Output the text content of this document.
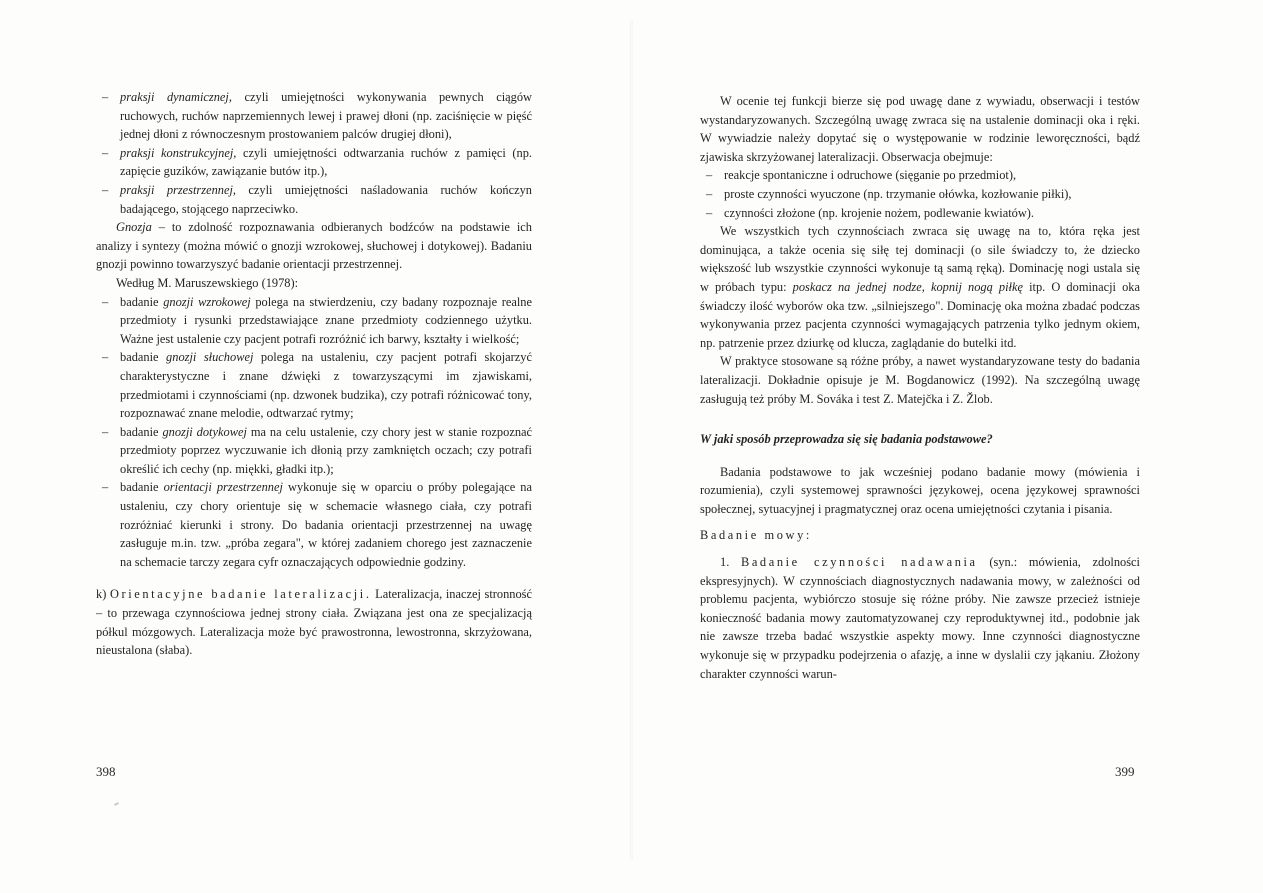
– praksji dynamicznej, czyli umiejętności wykonywania pewnych ciągów ruchowych, ruchów naprzemiennych lewej i prawej dłoni (np. zaciśnięcie w pięść jednej dłoni z równoczesnym prostowaniem palców drugiej dłoni),

– praksji konstrukcyjnej, czyli umiejętności odtwarzania ruchów z pamięci (np. zapięcie guzików, zawiązanie butów itp.),

– praksji przestrzennej, czyli umiejętności naśladowania ruchów kończyn badającego, stojącego naprzeciwko.

Gnozja – to zdolność rozpoznawania odbieranych bodźców na podstawie ich analizy i syntezy (można mówić o gnozji wzrokowej, słuchowej i dotykowej). Badaniu gnozji powinno towarzyszyć badanie orientacji przestrzennej.

Według M. Maruszewskiego (1978):

– badanie gnozji wzrokowej polega na stwierdzeniu, czy badany rozpoznaje realne przedmioty i rysunki przedstawiające znane przedmioty codziennego użytku. Ważne jest ustalenie czy pacjent potrafi rozróżnić ich barwy, kształty i wielkość;

– badanie gnozji słuchowej polega na ustaleniu, czy pacjent potrafi skojarzyć charakterystyczne i znane dźwięki z towarzyszącymi im zjawiskami, przedmiotami i czynnościami (np. dzwonek budzika), czy potrafi różnicować tony, rozpoznawać znane melodie, odtwarzać rytmy;

– badanie gnozji dotykowej ma na celu ustalenie, czy chory jest w stanie rozpoznać przedmioty poprzez wyczuwanie ich dłonią przy zamkniętch oczach; czy potrafi określić ich cechy (np. miękki, gładki itp.);

– badanie orientacji przestrzennej wykonuje się w oparciu o próby polegające na ustaleniu, czy chory orientuje się w schemacie własnego ciała, czy potrafi rozróżniać kierunki i strony. Do badania orientacji przestrzennej na uwagę zasługuje m.in. tzw. „próba zegara", w której zadaniem chorego jest zaznaczenie na schemacie tarczy zegara cyfr oznaczających odpowiednie godziny.

k) Orientacyjne badanie lateralizacji. Lateralizacja, inaczej stronność – to przewaga czynnościowa jednej strony ciała. Związana jest ona ze specjalizacją półkul mózgowych. Lateralizacja może być prawostronna, lewostronna, skrzyżowana, nieustalona (słaba).

398

W ocenie tej funkcji bierze się pod uwagę dane z wywiadu, obserwacji i testów wystandaryzowanych. Szczególną uwagę zwraca się na ustalenie dominacji oka i ręki. W wywiadzie należy dopytać się o występowanie w rodzinie leworęczności, bądź zjawiska skrzyżowanej lateralizacji. Obserwacja obejmuje:

– reakcje spontaniczne i odruchowe (sięganie po przedmiot),

– proste czynności wyuczone (np. trzymanie ołówka, kozłowanie piłki),

– czynności złożone (np. krojenie nożem, podlewanie kwiatów).

We wszystkich tych czynnościach zwraca się uwagę na to, która ręka jest dominująca, a także ocenia się siłę tej dominacji (o sile świadczy to, że dziecko większość lub wszystkie czynności wykonuje tą samą ręką). Dominację nogi ustala się w próbach typu: poskacz na jednej nodze, kopnij nogą piłkę itp. O dominacji oka świadczy ilość wyborów oka tzw. „silniejszego". Dominację oka można zbadać podczas wykonywania przez pacjenta czynności wymagających patrzenia tylko jednym okiem, np. patrzenie przez dziurkę od klucza, zaglądanie do butelki itd.

W praktyce stosowane są różne próby, a nawet wystandaryzowane testy do badania lateralizacji. Dokładnie opisuje je M. Bogdanowicz (1992). Na szczególną uwagę zasługują też próby M. Sováka i test Z. Matejčka i Z. Žlob.

W jaki sposób przeprowadza się się badania podstawowe?

Badania podstawowe to jak wcześniej podano badanie mowy (mówienia i rozumienia), czyli systemowej sprawności językowej, ocena językowej sprawności społecznej, sytuacyjnej i pragmatycznej oraz ocena umiejętności czytania i pisania.

Badanie mowy:

1. Badanie czynności nadawania (syn.: mówienia, zdolności ekspresyjnych). W czynnościach diagnostycznych nadawania mowy, w zależności od problemu pacjenta, wybiórczo stosuje się różne próby. Nie zawsze przecież istnieje konieczność badania mowy zautomatyzowanej czy reproduktywnej itd., podobnie jak nie zawsze trzeba badać wszystkie aspekty mowy. Inne czynności diagnostyczne wykonuje się w przypadku podejrzenia o afazję, a inne w dyslalii czy jąkaniu. Złożony charakter czynności warun-

399
